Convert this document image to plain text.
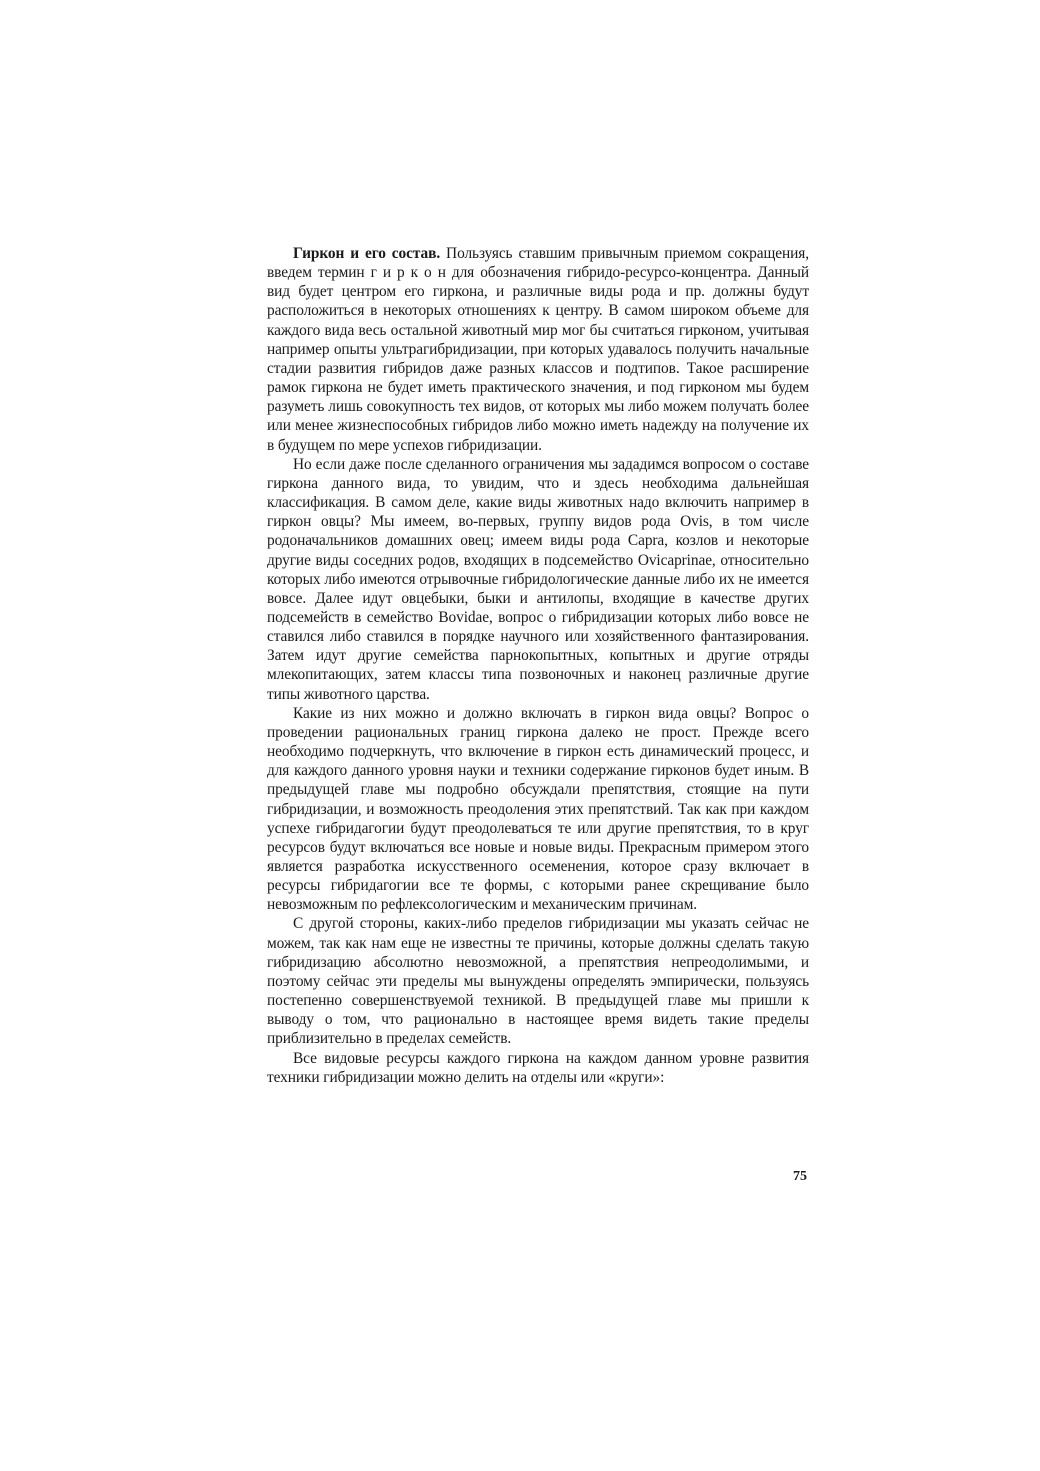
Гиркон и его состав. Пользуясь ставшим привычным приемом сокращения, введем термин г и р к о н для обозначения гибридо-ресурсо-концентра. Данный вид будет центром его гиркона, и различные виды рода и пр. должны будут расположиться в некоторых отношениях к центру. В самом широком объеме для каждого вида весь остальной животный мир мог бы считаться гирконом, учитывая например опыты ультрагибридизации, при которых удавалось получить начальные стадии развития гибридов даже разных классов и подтипов. Такое расширение рамок гиркона не будет иметь практического значения, и под гирконом мы будем разуметь лишь совокупность тех видов, от которых мы либо можем получать более или менее жизнеспособных гибридов либо можно иметь надежду на получение их в будущем по мере успехов гибридизации.

Но если даже после сделанного ограничения мы зададимся вопросом о составе гиркона данного вида, то увидим, что и здесь необходима дальнейшая классификация. В самом деле, какие виды животных надо включить например в гиркон овцы? Мы имеем, во-первых, группу видов рода Ovis, в том числе родоначальников домашних овец; имеем виды рода Capra, козлов и некоторые другие виды соседних родов, входящих в подсемейство Ovicaprinae, относительно которых либо имеются отрывочные гибридологические данные либо их не имеется вовсе. Далее идут овцебыки, быки и антилопы, входящие в качестве других подсемейств в семейство Bovidae, вопрос о гибридизации которых либо вовсе не ставился либо ставился в порядке научного или хозяйственного фантазирования. Затем идут другие семейства парнокопытных, копытных и другие отряды млекопитающих, затем классы типа позвоночных и наконец различные другие типы животного царства.

Какие из них можно и должно включать в гиркон вида овцы? Вопрос о проведении рациональных границ гиркона далеко не прост. Прежде всего необходимо подчеркнуть, что включение в гиркон есть динамический процесс, и для каждого данного уровня науки и техники содержание гирконов будет иным. В предыдущей главе мы подробно обсуждали препятствия, стоящие на пути гибридизации, и возможность преодоления этих препятствий. Так как при каждом успехе гибридагогии будут преодолеваться те или другие препятствия, то в круг ресурсов будут включаться все новые и новые виды. Прекрасным примером этого является разработка искусственного осеменения, которое сразу включает в ресурсы гибридагогии все те формы, с которыми ранее скрещивание было невозможным по рефлексологическим и механическим причинам.

С другой стороны, каких-либо пределов гибридизации мы указать сейчас не можем, так как нам еще не известны те причины, которые должны сделать такую гибридизацию абсолютно невозможной, а препятствия непреодолимыми, и поэтому сейчас эти пределы мы вынуждены определять эмпирически, пользуясь постепенно совершенствуемой техникой. В предыдущей главе мы пришли к выводу о том, что рационально в настоящее время видеть такие пределы приблизительно в пределах семейств.

Все видовые ресурсы каждого гиркона на каждом данном уровне развития техники гибридизации можно делить на отделы или «круги»:

75
